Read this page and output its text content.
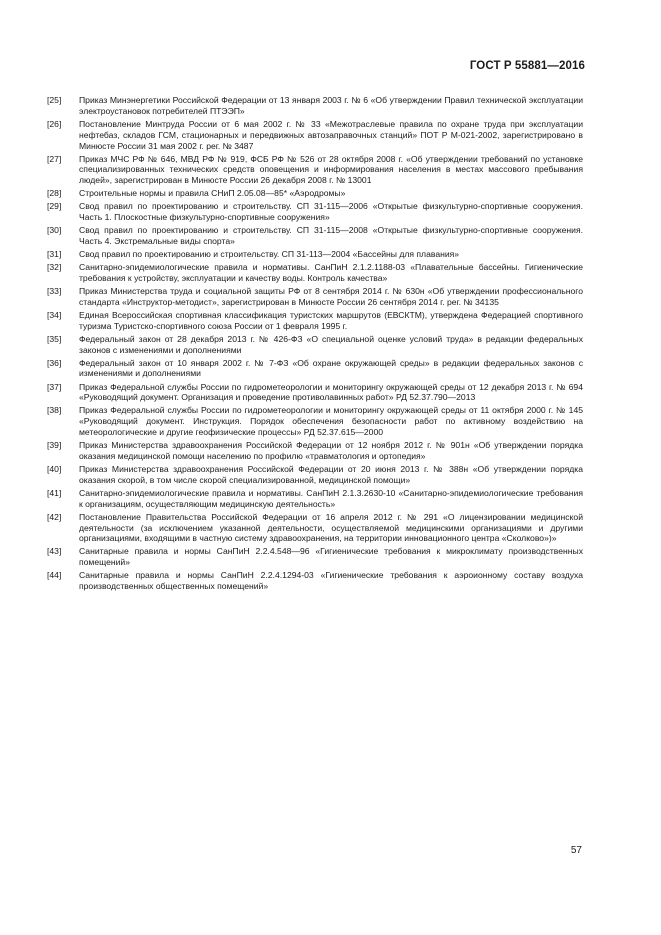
ГОСТ Р 55881—2016
[25]	Приказ Минэнергетики Российской Федерации от 13 января 2003 г. № 6 «Об утверждении Правил технической эксплуатации электроустановок потребителей ПТЭЭП»
[26]	Постановление Минтруда России от 6 мая 2002 г. № 33 «Межотраслевые правила по охране труда при эксплуатации нефтебаз, складов ГСМ, стационарных и передвижных автозаправочных станций» ПОТ Р М-021-2002, зарегистрировано в Минюсте России 31 мая 2002 г. рег. № 3487
[27]	Приказ МЧС РФ № 646, МВД РФ № 919, ФСБ РФ № 526 от 28 октября 2008 г. «Об утверждении требований по установке специализированных технических средств оповещения и информирования населения в местах массового пребывания людей», зарегистрирован в Минюсте России 26 декабря 2008 г. № 13001
[28]	Строительные нормы и правила СНиП 2.05.08—85* «Аэродромы»
[29]	Свод правил по проектированию и строительству. СП 31-115—2006 «Открытые физкультурно-спортивные сооружения. Часть 1. Плоскостные физкультурно-спортивные сооружения»
[30]	Свод правил по проектированию и строительству. СП 31-115—2008 «Открытые физкультурно-спортивные сооружения. Часть 4. Экстремальные виды спорта»
[31]	Свод правил по проектированию и строительству. СП 31-113—2004 «Бассейны для плавания»
[32]	Санитарно-эпидемиологические правила и нормативы. СанПиН 2.1.2.1188-03 «Плавательные бассейны. Гигиенические требования к устройству, эксплуатации и качеству воды. Контроль качества»
[33]	Приказ Министерства труда и социальной защиты РФ от 8 сентября 2014 г. № 630н «Об утверждении профессионального стандарта «Инструктор-методист», зарегистрирован в Минюсте России 26 сентября 2014 г. рег. № 34135
[34]	Единая Всероссийская спортивная классификация туристских маршрутов (ЕВСКТМ), утверждена Федерацией спортивного туризма Туристско-спортивного союза России от 1 февраля 1995 г.
[35]	Федеральный закон от 28 декабря 2013 г. № 426-ФЗ «О специальной оценке условий труда» в редакции федеральных законов с изменениями и дополнениями
[36]	Федеральный закон от 10 января 2002 г. № 7-ФЗ «Об охране окружающей среды» в редакции федеральных законов с изменениями и дополнениями
[37]	Приказ Федеральной службы России по гидрометеорологии и мониторингу окружающей среды от 12 декабря 2013 г. № 694 «Руководящий документ. Организация и проведение противолавинных работ» РД 52.37.790—2013
[38]	Приказ Федеральной службы России по гидрометеорологии и мониторингу окружающей среды от 11 октября 2000 г. № 145 «Руководящий документ. Инструкция. Порядок обеспечения безопасности работ по активному воздействию на метеорологические и другие геофизические процессы» РД 52.37.615—2000
[39]	Приказ Министерства здравоохранения Российской Федерации от 12 ноября 2012 г. № 901н «Об утверждении порядка оказания медицинской помощи населению по профилю «травматология и ортопедия»
[40]	Приказ Министерства здравоохранения Российской Федерации от 20 июня 2013 г. № 388н «Об утверждении порядка оказания скорой, в том числе скорой специализированной, медицинской помощи»
[41]	Санитарно-эпидемиологические правила и нормативы. СанПиН 2.1.3.2630-10 «Санитарно-эпидемиологические требования к организациям, осуществляющим медицинскую деятельность»
[42]	Постановление Правительства Российской Федерации от 16 апреля 2012 г. № 291 «О лицензировании медицинской деятельности (за исключением указанной деятельности, осуществляемой медицинскими организациями и другими организациями, входящими в частную систему здравоохранения, на территории инновационного центра «Сколково»)»
[43]	Санитарные правила и нормы СанПиН 2.2.4.548—96 «Гигиенические требования к микроклимату производственных помещений»
[44]	Санитарные правила и нормы СанПиН 2.2.4.1294-03 «Гигиенические требования к аэроионному составу воздуха производственных общественных помещений»
57
